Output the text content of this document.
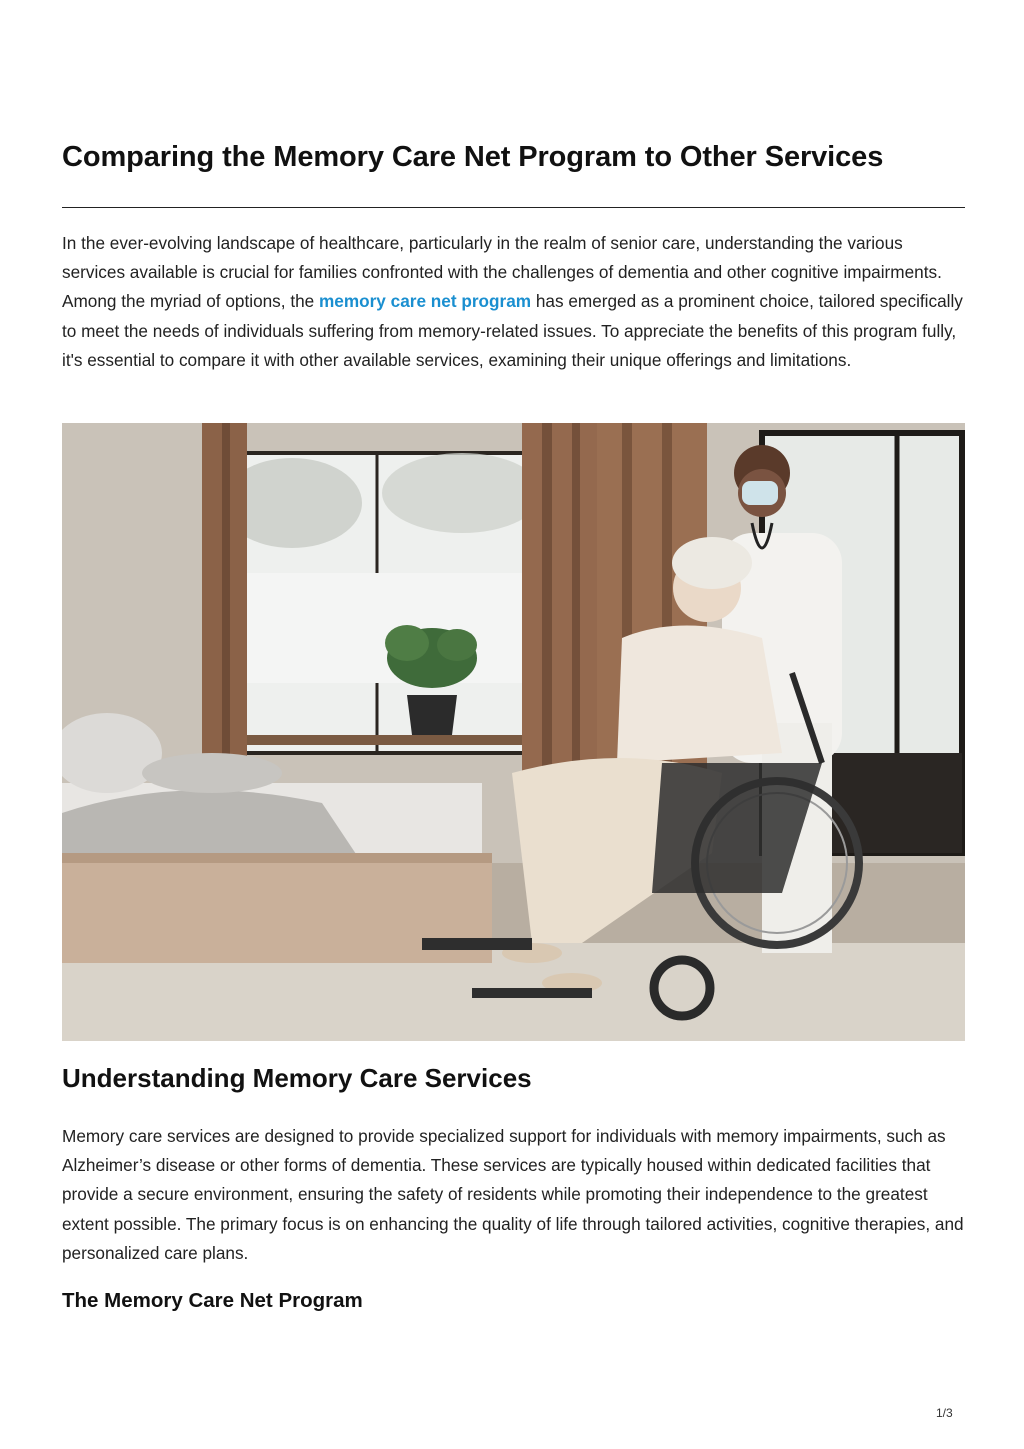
Comparing the Memory Care Net Program to Other Services

In the ever-evolving landscape of healthcare, particularly in the realm of senior care, understanding the various services available is crucial for families confronted with the challenges of dementia and other cognitive impairments. Among the myriad of options, the memory care net program has emerged as a prominent choice, tailored specifically to meet the needs of individuals suffering from memory-related issues. To appreciate the benefits of this program fully, it's essential to compare it with other available services, examining their unique offerings and limitations.

Understanding Memory Care Services

Memory care services are designed to provide specialized support for individuals with memory impairments, such as Alzheimer’s disease or other forms of dementia. These services are typically housed within dedicated facilities that provide a secure environment, ensuring the safety of residents while promoting their independence to the greatest extent possible. The primary focus is on enhancing the quality of life through tailored activities, cognitive therapies, and personalized care plans.

The Memory Care Net Program
1/3
